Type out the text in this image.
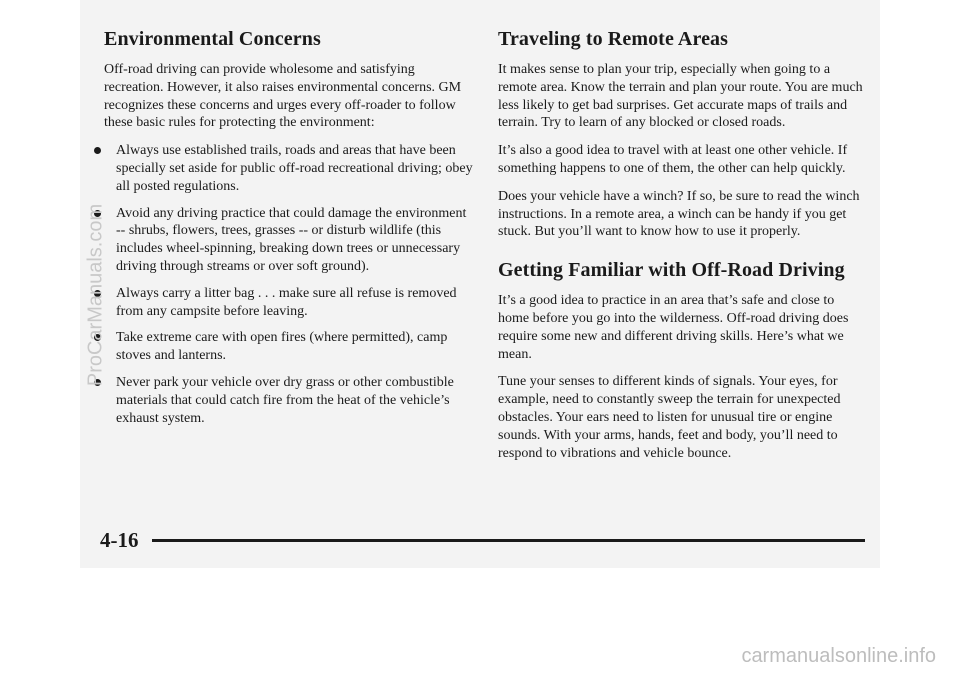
Environmental Concerns

Off-road driving can provide wholesome and satisfying recreation. However, it also raises environmental concerns. GM recognizes these concerns and urges every off-roader to follow these basic rules for protecting the environment:

Always use established trails, roads and areas that have been specially set aside for public off-road recreational driving; obey all posted regulations.
Avoid any driving practice that could damage the environment -- shrubs, flowers, trees, grasses -- or disturb wildlife (this includes wheel-spinning, breaking down trees or unnecessary driving through streams or over soft ground).
Always carry a litter bag . . . make sure all refuse is removed from any campsite before leaving.
Take extreme care with open fires (where permitted), camp stoves and lanterns.
Never park your vehicle over dry grass or other combustible materials that could catch fire from the heat of the vehicle’s exhaust system.
Traveling to Remote Areas

It makes sense to plan your trip, especially when going to a remote area. Know the terrain and plan your route. You are much less likely to get bad surprises. Get accurate maps of trails and terrain. Try to learn of any blocked or closed roads.

It’s also a good idea to travel with at least one other vehicle. If something happens to one of them, the other can help quickly.

Does your vehicle have a winch? If so, be sure to read the winch instructions. In a remote area, a winch can be handy if you get stuck. But you’ll want to know how to use it properly.

Getting Familiar with Off-Road Driving

It’s a good idea to practice in an area that’s safe and close to home before you go into the wilderness. Off-road driving does require some new and different driving skills. Here’s what we mean.

Tune your senses to different kinds of signals. Your eyes, for example, need to constantly sweep the terrain for unexpected obstacles. Your ears need to listen for unusual tire or engine sounds. With your arms, hands, feet and body, you’ll need to respond to vibrations and vehicle bounce.

4-16
ProCarManuals.com
carmanualsonline.info
